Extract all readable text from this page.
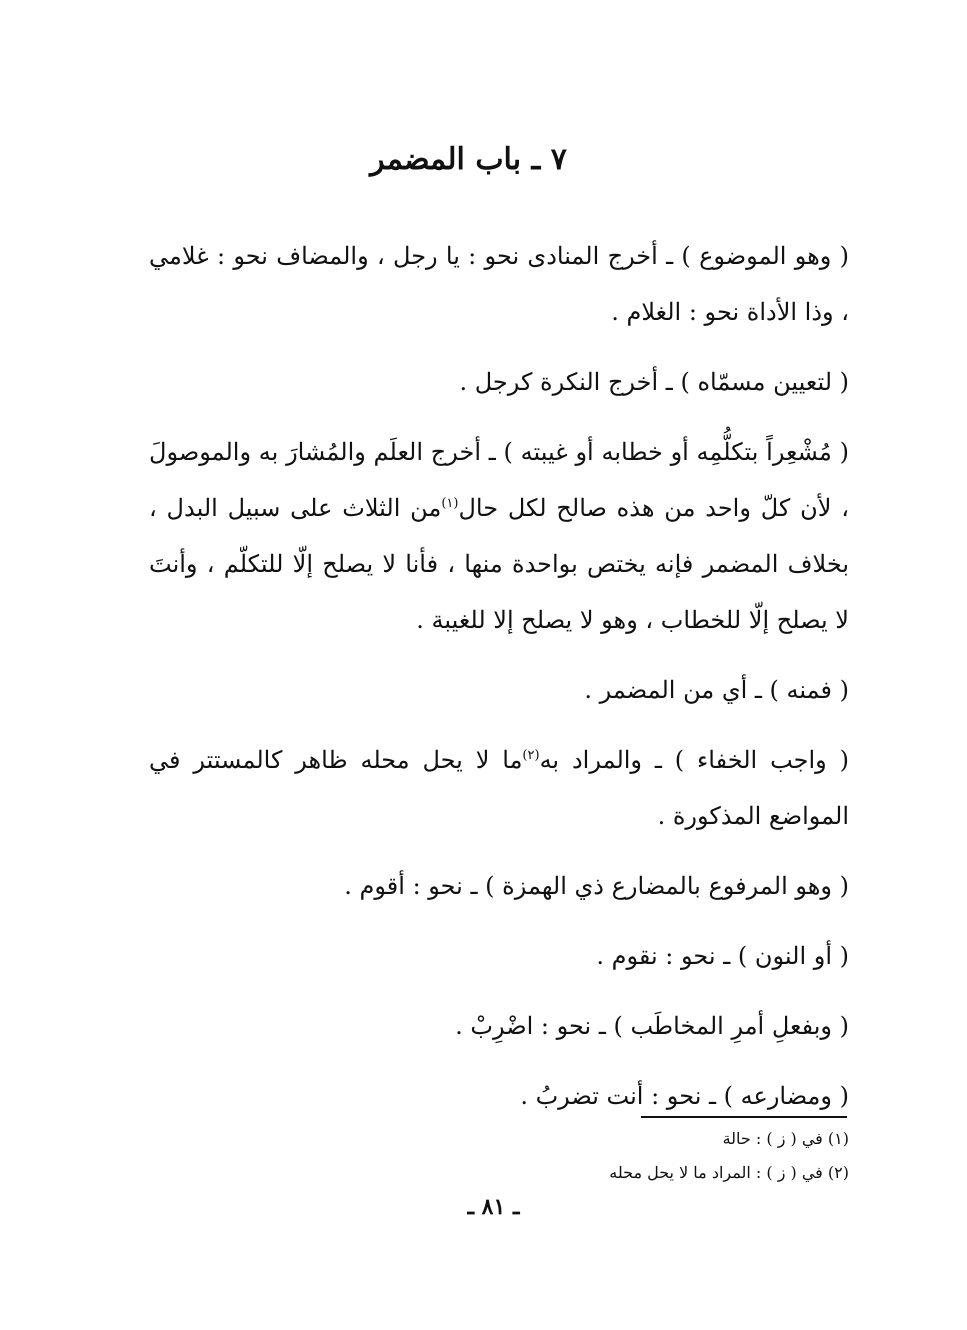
٧ ـ باب المضمر

( وهو الموضوع ) ـ أخرج المنادى نحو : يا رجل ، والمضاف نحو : غلامي ، وذا الأداة نحو : الغلام .

( لتعيين مسمّاه ) ـ أخرج النكرة كرجل .

( مُشْعِراً بتكلُّمِه أو خطابه أو غيبته ) ـ أخرج العلَم والمُشارَ به والموصولَ ، لأن كلّ واحد من هذه صالح لكل حال$^{(١)}$من الثلاث على سبيل البدل ، بخلاف المضمر فإنه يختص بواحدة منها ، فأنا لا يصلح إلّا للتكلّم ، وأنتَ لا يصلح إلّا للخطاب ، وهو لا يصلح إلا للغيبة .

( فمنه ) ـ أي من المضمر .

( واجب الخفاء ) ـ والمراد به$^{(٢)}$ما لا يحل محله ظاهر كالمستتر في المواضع المذكورة .

( وهو المرفوع بالمضارع ذي الهمزة ) ـ نحو : أقوم .

( أو النون ) ـ نحو : نقوم .

( وبفعلِ أمرِ المخاطَب ) ـ نحو : اضْرِبْ .

( ومضارعه ) ـ نحو : أنت تضربُ .

(١) في ( ز ) : حالة

(٢) في ( ز ) : المراد ما لا يحل محله

ـ ٨١ ـ
